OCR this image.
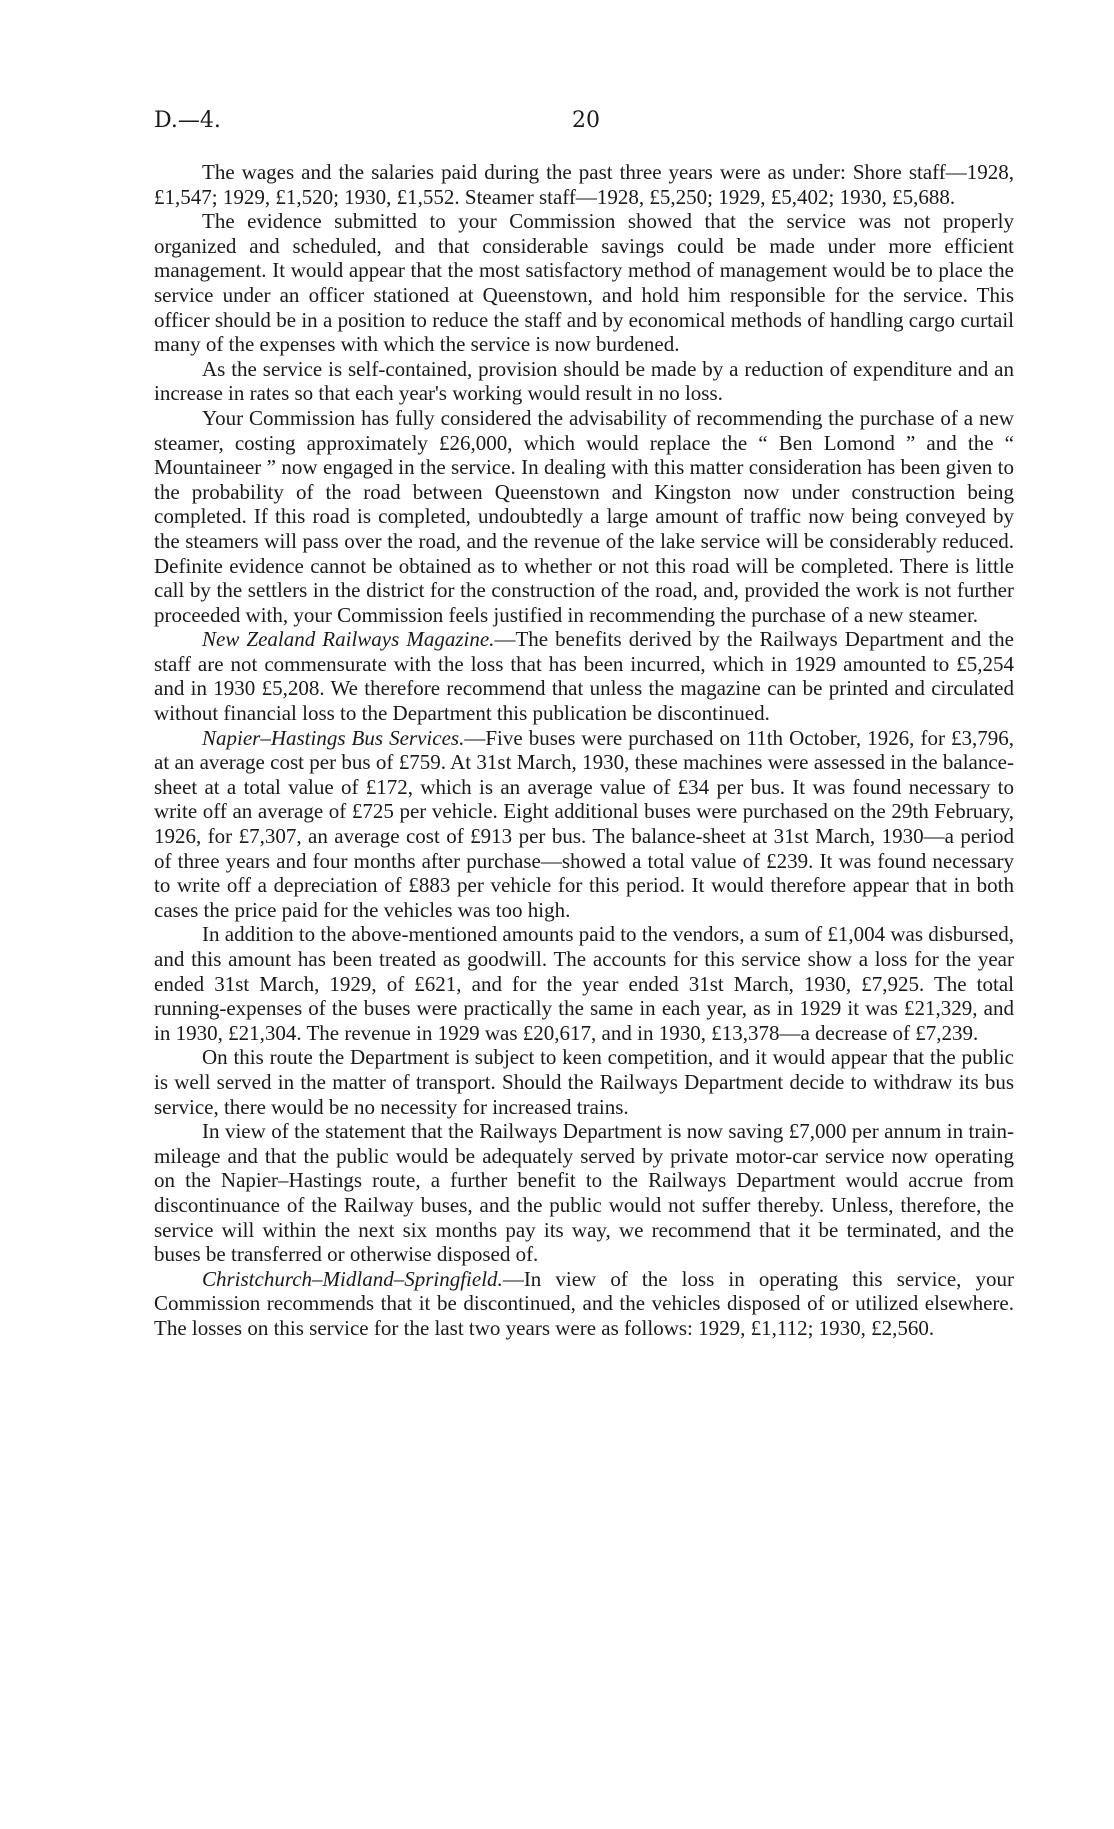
D.—4.	20

The wages and the salaries paid during the past three years were as under: Shore staff—1928, £1,547; 1929, £1,520; 1930, £1,552. Steamer staff—1928, £5,250; 1929, £5,402; 1930, £5,688.

The evidence submitted to your Commission showed that the service was not properly organized and scheduled, and that considerable savings could be made under more efficient management. It would appear that the most satisfactory method of management would be to place the service under an officer stationed at Queenstown, and hold him responsible for the service. This officer should be in a position to reduce the staff and by economical methods of handling cargo curtail many of the expenses with which the service is now burdened.

As the service is self-contained, provision should be made by a reduction of expenditure and an increase in rates so that each year's working would result in no loss.

Your Commission has fully considered the advisability of recommending the purchase of a new steamer, costing approximately £26,000, which would replace the “ Ben Lomond ” and the “ Mountaineer ” now engaged in the service. In dealing with this matter consideration has been given to the probability of the road between Queenstown and Kingston now under construction being completed. If this road is completed, undoubtedly a large amount of traffic now being conveyed by the steamers will pass over the road, and the revenue of the lake service will be considerably reduced. Definite evidence cannot be obtained as to whether or not this road will be completed. There is little call by the settlers in the district for the construction of the road, and, provided the work is not further proceeded with, your Commission feels justified in recommending the purchase of a new steamer.

New Zealand Railways Magazine.—The benefits derived by the Railways Department and the staff are not commensurate with the loss that has been incurred, which in 1929 amounted to £5,254 and in 1930 £5,208. We therefore recommend that unless the magazine can be printed and circulated without financial loss to the Department this publication be discontinued.

Napier–Hastings Bus Services.—Five buses were purchased on 11th October, 1926, for £3,796, at an average cost per bus of £759. At 31st March, 1930, these machines were assessed in the balance-sheet at a total value of £172, which is an average value of £34 per bus. It was found necessary to write off an average of £725 per vehicle. Eight additional buses were purchased on the 29th February, 1926, for £7,307, an average cost of £913 per bus. The balance-sheet at 31st March, 1930—a period of three years and four months after purchase—showed a total value of £239. It was found necessary to write off a depreciation of £883 per vehicle for this period. It would therefore appear that in both cases the price paid for the vehicles was too high.

In addition to the above-mentioned amounts paid to the vendors, a sum of £1,004 was disbursed, and this amount has been treated as goodwill. The accounts for this service show a loss for the year ended 31st March, 1929, of £621, and for the year ended 31st March, 1930, £7,925. The total running-expenses of the buses were practically the same in each year, as in 1929 it was £21,329, and in 1930, £21,304. The revenue in 1929 was £20,617, and in 1930, £13,378—a decrease of £7,239.

On this route the Department is subject to keen competition, and it would appear that the public is well served in the matter of transport. Should the Railways Department decide to withdraw its bus service, there would be no necessity for increased trains.

In view of the statement that the Railways Department is now saving £7,000 per annum in train-mileage and that the public would be adequately served by private motor-car service now operating on the Napier–Hastings route, a further benefit to the Railways Department would accrue from discontinuance of the Railway buses, and the public would not suffer thereby. Unless, therefore, the service will within the next six months pay its way, we recommend that it be terminated, and the buses be transferred or otherwise disposed of.

Christchurch–Midland–Springfield.—In view of the loss in operating this service, your Commission recommends that it be discontinued, and the vehicles disposed of or utilized elsewhere. The losses on this service for the last two years were as follows: 1929, £1,112; 1930, £2,560.
